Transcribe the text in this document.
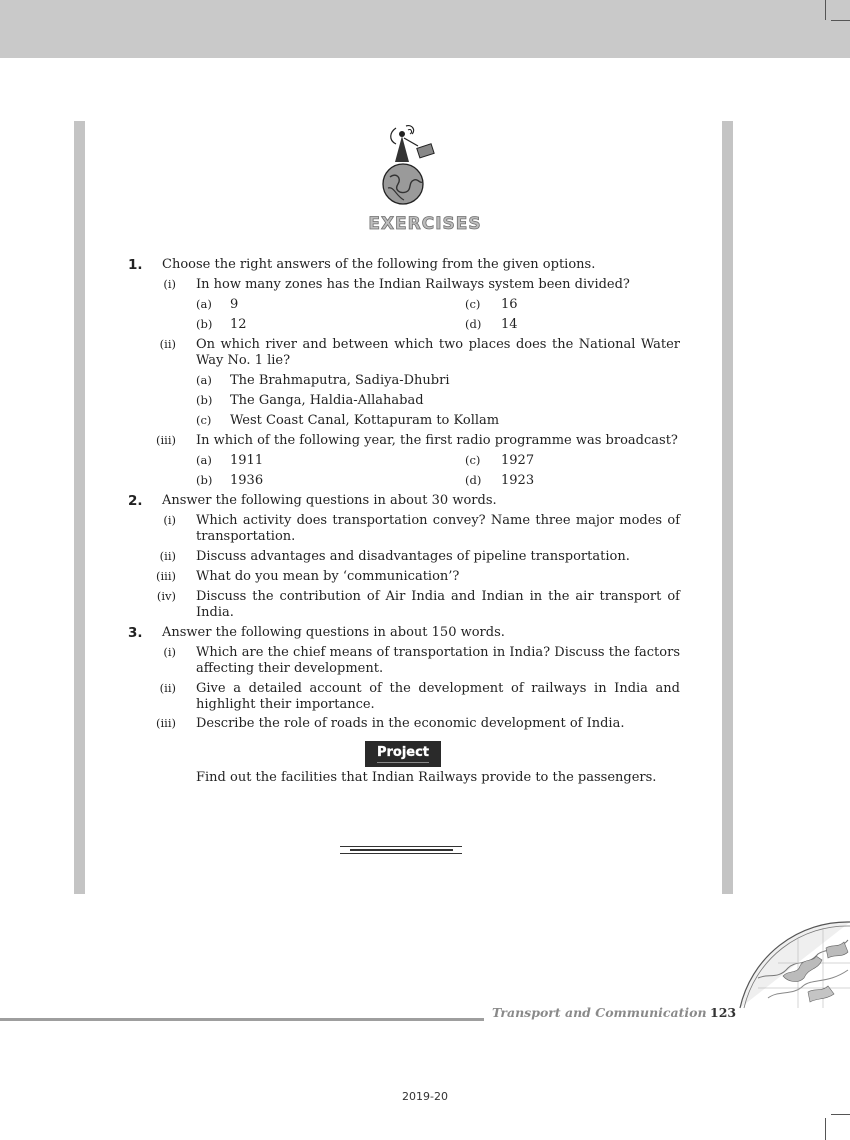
EXERCISES
1. Choose the right answers of the following from the given options.
(i) In how many zones has the Indian Railways system been divided?
(a) 9
(b) 12
(c) 16
(d) 14
(ii) On which river and between which two places does the National Water Way No. 1 lie?
(a) The Brahmaputra, Sadiya-Dhubri
(b) The Ganga, Haldia-Allahabad
(c) West Coast Canal, Kottapuram to Kollam
(iii) In which of the following year, the first radio programme was broadcast?
(a) 1911
(b) 1936
(c) 1927
(d) 1923
2. Answer the following questions in about 30 words.
(i) Which activity does transportation convey? Name three major modes of transportation.
(ii) Discuss advantages and disadvantages of pipeline transportation.
(iii) What do you mean by ‘communication’?
(iv) Discuss the contribution of Air India and Indian in the air transport of India.
3. Answer the following questions in about 150 words.
(i) Which are the chief means of transportation in India? Discuss the factors affecting their development.
(ii) Give a detailed account of the development of railways in India and highlight their importance.
(iii) Describe the role of roads in the economic development of India.
Project
Find out the facilities that Indian Railways provide to the passengers.
Transport and Communication 123
2019-20
